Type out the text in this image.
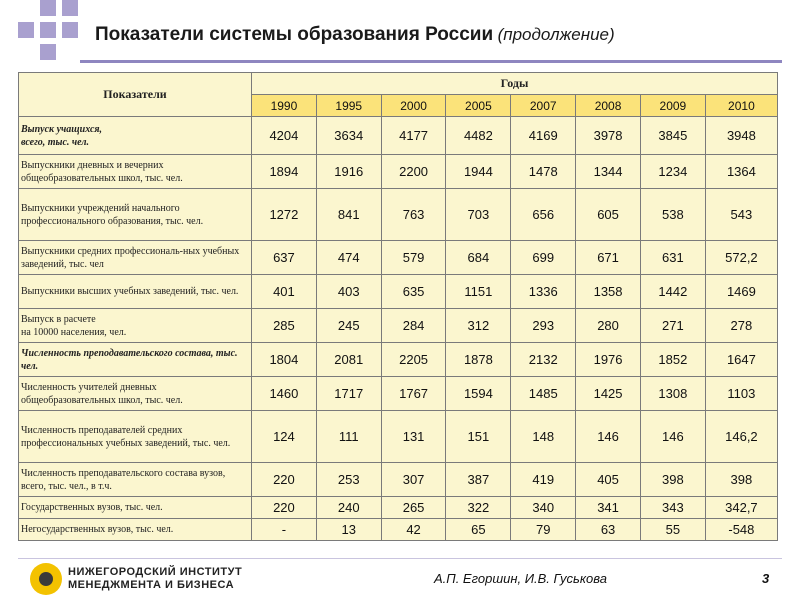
Показатели системы образования России (продолжение)
Показатели	Годы							
	1990	1995	2000	2005	2007	2008	2009	2010
Выпуск учащихся,
всего, тыс. чел.	4204	3634	4177	4482	4169	3978	3845	3948
Выпускники дневных и вечерних общеобразовательных школ, тыс. чел.	1894	1916	2200	1944	1478	1344	1234	1364
Выпускники учреждений начального профессионального образования, тыс. чел.	1272	841	763	703	656	605	538	543
Выпускники средних профессиональ-ных учебных заведений, тыс. чел	637	474	579	684	699	671	631	572,2
Выпускники высших учебных заведений, тыс. чел.	401	403	635	1151	1336	1358	1442	1469
Выпуск в расчете
на 10000 населения, чел.	285	245	284	312	293	280	271	278
Численность преподавательского состава, тыс. чел.	1804	2081	2205	1878	2132	1976	1852	1647
Численность учителей дневных общеобразовательных школ, тыс. чел.	1460	1717	1767	1594	1485	1425	1308	1103
Численность преподавателей средних профессиональных учебных заведений, тыс. чел.	124	111	131	151	148	146	146	146,2
Численность преподавательского состава вузов, всего, тыс. чел., в т.ч.	220	253	307	387	419	405	398	398
Государственных вузов, тыс. чел.	220	240	265	322	340	341	343	342,7
Негосударственных вузов, тыс. чел.	-	13	42	65	79	63	55	-548
НИЖЕГОРОДСКИЙ ИНСТИТУТ
МЕНЕДЖМЕНТА И БИЗНЕСА	А.П. Егоршин, И.В. Гуськова	3
